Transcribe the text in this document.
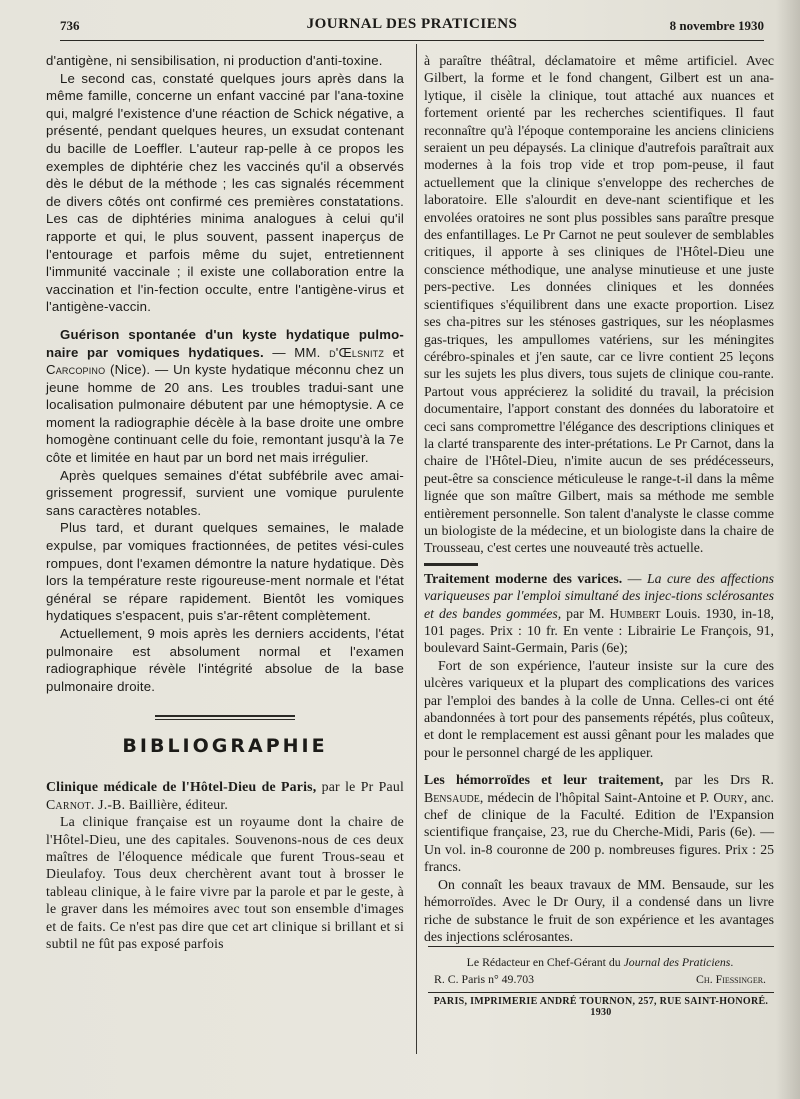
736	JOURNAL DES PRATICIENS	8 novembre 1930

d'antigène, ni sensibilisation, ni production d'anti-toxine.

Le second cas, constaté quelques jours après dans la même famille, concerne un enfant vacciné par l'ana-toxine qui, malgré l'existence d'une réaction de Schick négative, a présenté, pendant quelques heures, un exsudat contenant du bacille de Loeffler. L'auteur rap-pelle à ce propos les exemples de diphtérie chez les vaccinés qu'il a observés dès le début de la méthode ; les cas signalés récemment de divers côtés ont confirmé ces premières constatations. Les cas de diphtéries minima analogues à celui qu'il rapporte et qui, le plus souvent, passent inaperçus de l'entourage et parfois même du sujet, entretiennent l'immunité vaccinale ; il existe une collaboration entre la vaccination et l'in-fection occulte, entre l'antigène-virus et l'antigène-vaccin.

Guérison spontanée d'un kyste hydatique pulmo-naire par vomiques hydatiques. — MM. d'Œlsnitz et Carcopino (Nice). — Un kyste hydatique méconnu chez un jeune homme de 20 ans. Les troubles tradui-sant une localisation pulmonaire débutent par une hémoptysie. A ce moment la radiographie décèle à la base droite une ombre homogène continuant celle du foie, remontant jusqu'à la 7e côte et limitée en haut par un bord net mais irrégulier.

Après quelques semaines d'état subfébrile avec amai-grissement progressif, survient une vomique purulente sans caractères notables.

Plus tard, et durant quelques semaines, le malade expulse, par vomiques fractionnées, de petites vési-cules rompues, dont l'examen démontre la nature hydatique. Dès lors la température reste rigoureuse-ment normale et l'état général se répare rapidement. Bientôt les vomiques hydatiques s'espacent, puis s'ar-rêtent complètement.

Actuellement, 9 mois après les derniers accidents, l'état pulmonaire est absolument normal et l'examen radiographique révèle l'intégrité absolue de la base pulmonaire droite.

BIBLIOGRAPHIE

Clinique médicale de l'Hôtel-Dieu de Paris, par le Pr Paul Carnot. J.-B. Baillière, éditeur.

La clinique française est un royaume dont la chaire de l'Hôtel-Dieu, une des capitales. Souvenons-nous de ces deux maîtres de l'éloquence médicale que furent Trous-seau et Dieulafoy. Tous deux cherchèrent avant tout à brosser le tableau clinique, à le faire vivre par la parole et par le geste, à le graver dans les mémoires avec tout son ensemble d'images et de faits. Ce n'est pas dire que cet art clinique si brillant et si subtil ne fût pas exposé parfois

à paraître théâtral, déclamatoire et même artificiel. Avec Gilbert, la forme et le fond changent, Gilbert est un ana-lytique, il cisèle la clinique, tout attaché aux nuances et fortement orienté par les recherches scientifiques. Il faut reconnaître qu'à l'époque contemporaine les anciens cliniciens seraient un peu dépaysés. La clinique d'autrefois paraîtrait aux modernes à la fois trop vide et trop pom-peuse, il faut actuellement que la clinique s'enveloppe des recherches de laboratoire. Elle s'alourdit en deve-nant scientifique et les envolées oratoires ne sont plus possibles sans paraître presque des enfantillages. Le Pr Carnot ne peut soulever de semblables critiques, il apporte à ses cliniques de l'Hôtel-Dieu une conscience méthodique, une analyse minutieuse et une juste pers-pective. Les données cliniques et les données scientifiques s'équilibrent dans une exacte proportion. Lisez ses cha-pitres sur les sténoses gastriques, sur les néoplasmes gas-triques, les ampullomes vatériens, sur les méningites cérébro-spinales et j'en saute, car ce livre contient 25 leçons sur les sujets les plus divers, tous sujets de clinique cou-rante. Partout vous apprécierez la solidité du travail, la précision documentaire, l'apport constant des données du laboratoire et ceci sans compromettre l'élégance des descriptions cliniques et la clarté transparente des inter-prétations. Le Pr Carnot, dans la chaire de l'Hôtel-Dieu, n'imite aucun de ses prédécesseurs, peut-être sa conscience méticuleuse le range-t-il dans la même lignée que son maître Gilbert, mais sa méthode me semble entièrement personnelle. Son talent d'analyste le classe comme un biologiste de la médecine, et un biologiste dans la chaire de Trousseau, c'est certes une nouveauté très actuelle.

Traitement moderne des varices. — La cure des affections variqueuses par l'emploi simultané des injec-tions sclérosantes et des bandes gommées, par M. Humbert Louis. 1930, in-18, 101 pages. Prix : 10 fr. En vente : Librairie Le François, 91, boulevard Saint-Germain, Paris (6e);

Fort de son expérience, l'auteur insiste sur la cure des ulcères variqueux et la plupart des complications des varices par l'emploi des bandes à la colle de Unna. Celles-ci ont été abandonnées à tort pour des pansements répétés, plus coûteux, et dont le remplacement est aussi gênant pour les malades que pour le personnel chargé de les appliquer.

Les hémorroïdes et leur traitement, par les Drs R. Bensaude, médecin de l'hôpital Saint-Antoine et P. Oury, anc. chef de clinique de la Faculté. Edition de l'Expansion scientifique française, 23, rue du Cherche-Midi, Paris (6e). — Un vol. in-8 couronne de 200 p. nombreuses figures. Prix : 25 francs.

On connaît les beaux travaux de MM. Bensaude, sur les hémorroïdes. Avec le Dr Oury, il a condensé dans un livre riche de substance le fruit de son expérience et les avantages des injections sclérosantes.

Le Rédacteur en Chef-Gérant du Journal des Praticiens.
R. C. Paris n° 49.703	Ch. Fiessinger.
PARIS, IMPRIMERIE ANDRÉ TOURNON, 257, RUE SAINT-HONORÉ. 1930
